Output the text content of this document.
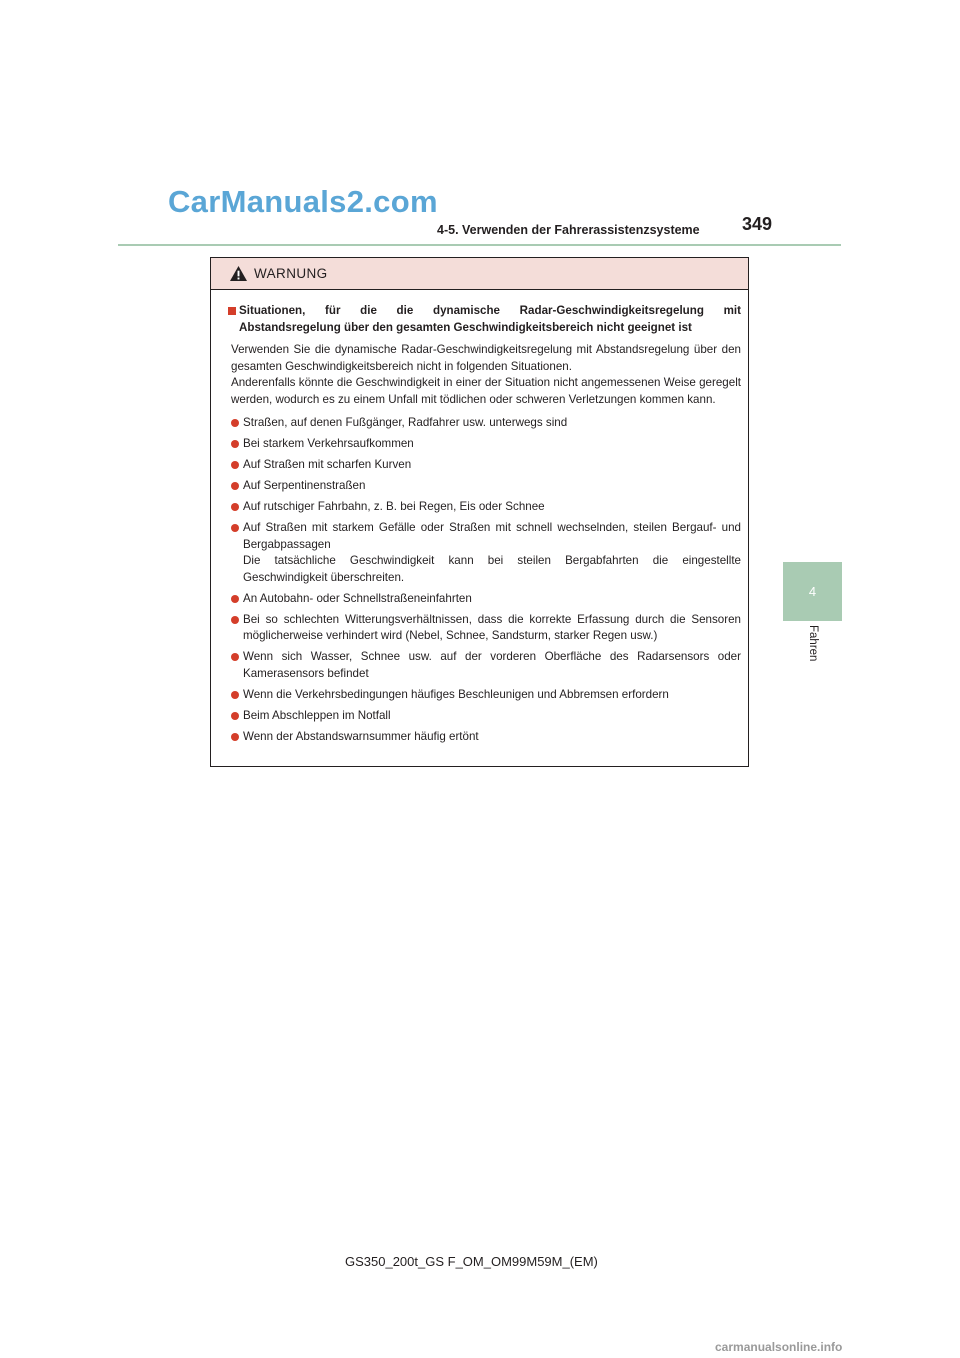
CarManuals2.com
4-5. Verwenden der Fahrerassistenzsysteme 349
4
Fahren
WARNUNG
Situationen, für die die dynamische Radar-Geschwindigkeitsregelung mit Abstandsregelung über den gesamten Geschwindigkeitsbereich nicht geeignet ist

Verwenden Sie die dynamische Radar-Geschwindigkeitsregelung mit Abstandsregelung über den gesamten Geschwindigkeitsbereich nicht in folgenden Situationen.

Anderenfalls könnte die Geschwindigkeit in einer der Situation nicht angemessenen Weise geregelt werden, wodurch es zu einem Unfall mit tödlichen oder schweren Verletzungen kommen kann.

Straßen, auf denen Fußgänger, Radfahrer usw. unterwegs sind
Bei starkem Verkehrsaufkommen
Auf Straßen mit scharfen Kurven
Auf Serpentinenstraßen
Auf rutschiger Fahrbahn, z. B. bei Regen, Eis oder Schnee

Auf Straßen mit starkem Gefälle oder Straßen mit schnell wechselnden, steilen Bergauf- und Bergabpassagen

Die tatsächliche Geschwindigkeit kann bei steilen Bergabfahrten die eingestellte Geschwindigkeit überschreiten.

An Autobahn- oder Schnellstraßeneinfahrten
Bei so schlechten Witterungsverhältnissen, dass die korrekte Erfassung durch die Sensoren möglicherweise verhindert wird (Nebel, Schnee, Sandsturm, starker Regen usw.)
Wenn sich Wasser, Schnee usw. auf der vorderen Oberfläche des Radarsensors oder Kamerasensors befindet
Wenn die Verkehrsbedingungen häufiges Beschleunigen und Abbremsen erfordern
Beim Abschleppen im Notfall
Wenn der Abstandswarnsummer häufig ertönt
GS350_200t_GS F_OM_OM99M59M_(EM)
carmanualsonline.info
